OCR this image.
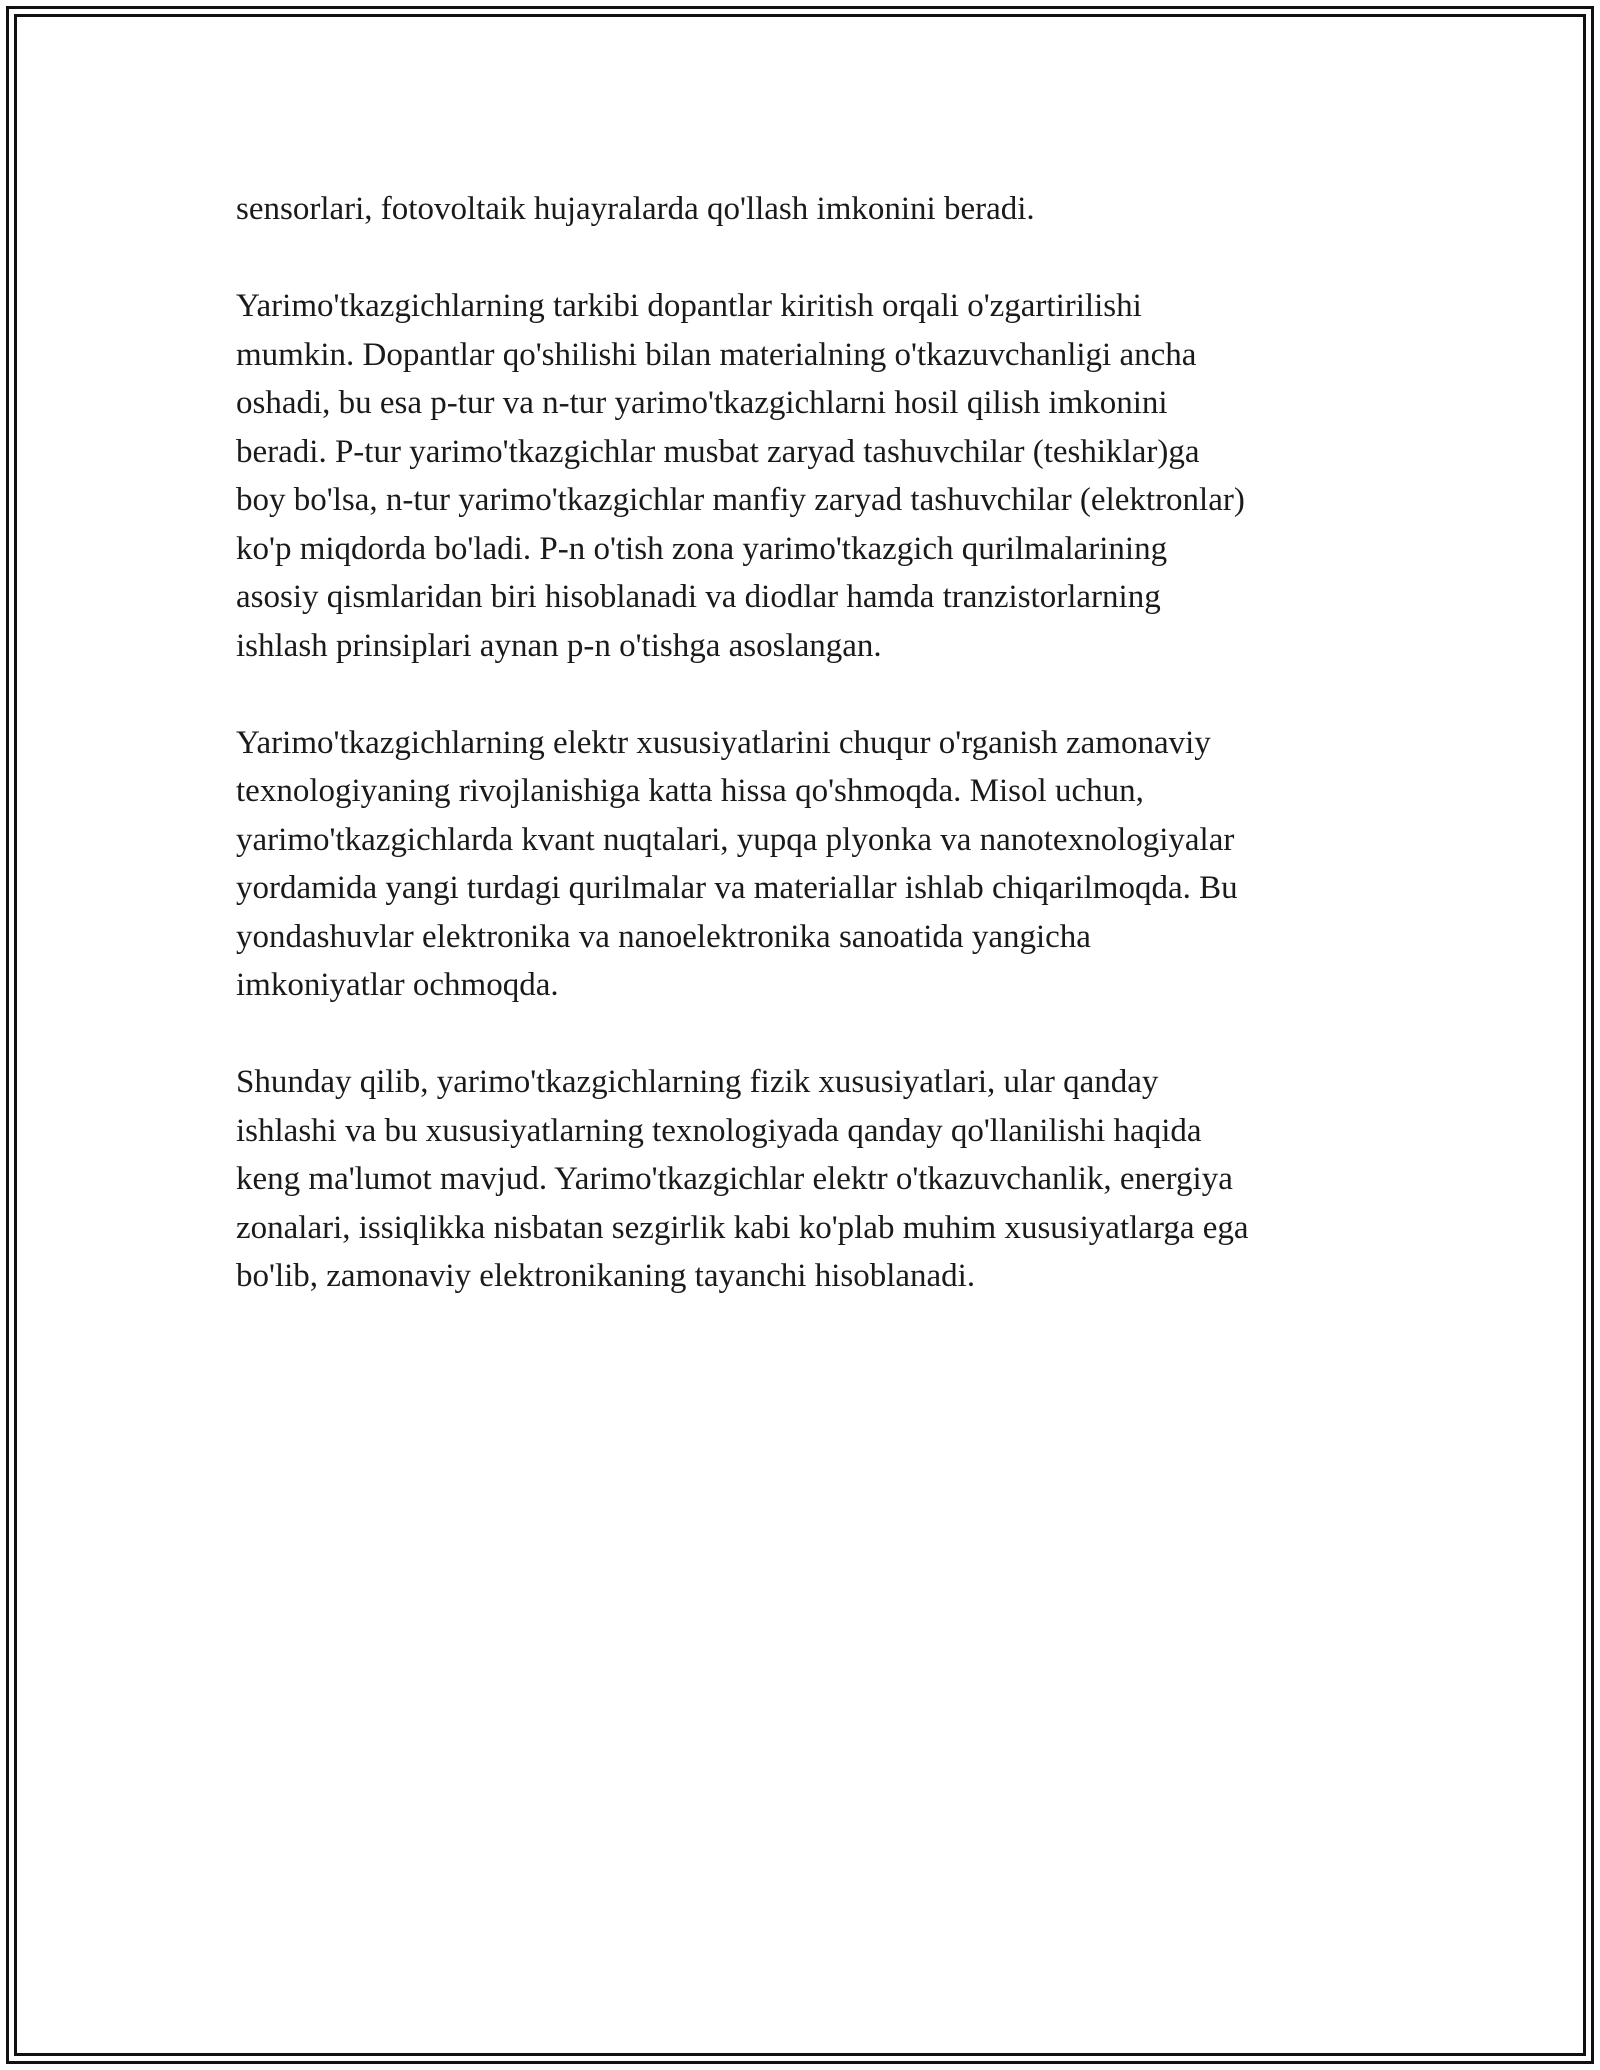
sensorlari, fotovoltaik hujayralarda qo'llash imkonini beradi.

Yarimo'tkazgichlarning tarkibi dopantlar kiritish orqali o'zgartirilishi
mumkin. Dopantlar qo'shilishi bilan materialning o'tkazuvchanligi ancha
oshadi, bu esa p-tur va n-tur yarimo'tkazgichlarni hosil qilish imkonini
beradi. P-tur yarimo'tkazgichlar musbat zaryad tashuvchilar (teshiklar)ga
boy bo'lsa, n-tur yarimo'tkazgichlar manfiy zaryad tashuvchilar (elektronlar)
ko'p miqdorda bo'ladi. P-n o'tish zona yarimo'tkazgich qurilmalarining
asosiy qismlaridan biri hisoblanadi va diodlar hamda tranzistorlarning
ishlash prinsiplari aynan p-n o'tishga asoslangan.

Yarimo'tkazgichlarning elektr xususiyatlarini chuqur o'rganish zamonaviy
texnologiyaning rivojlanishiga katta hissa qo'shmoqda. Misol uchun,
yarimo'tkazgichlarda kvant nuqtalari, yupqa plyonka va nanotexnologiyalar
yordamida yangi turdagi qurilmalar va materiallar ishlab chiqarilmoqda. Bu
yondashuvlar elektronika va nanoelektronika sanoatida yangicha
imkoniyatlar ochmoqda.

Shunday qilib, yarimo'tkazgichlarning fizik xususiyatlari, ular qanday
ishlashi va bu xususiyatlarning texnologiyada qanday qo'llanilishi haqida
keng ma'lumot mavjud. Yarimo'tkazgichlar elektr o'tkazuvchanlik, energiya
zonalari, issiqlikka nisbatan sezgirlik kabi ko'plab muhim xususiyatlarga ega
bo'lib, zamonaviy elektronikaning tayanchi hisoblanadi.
